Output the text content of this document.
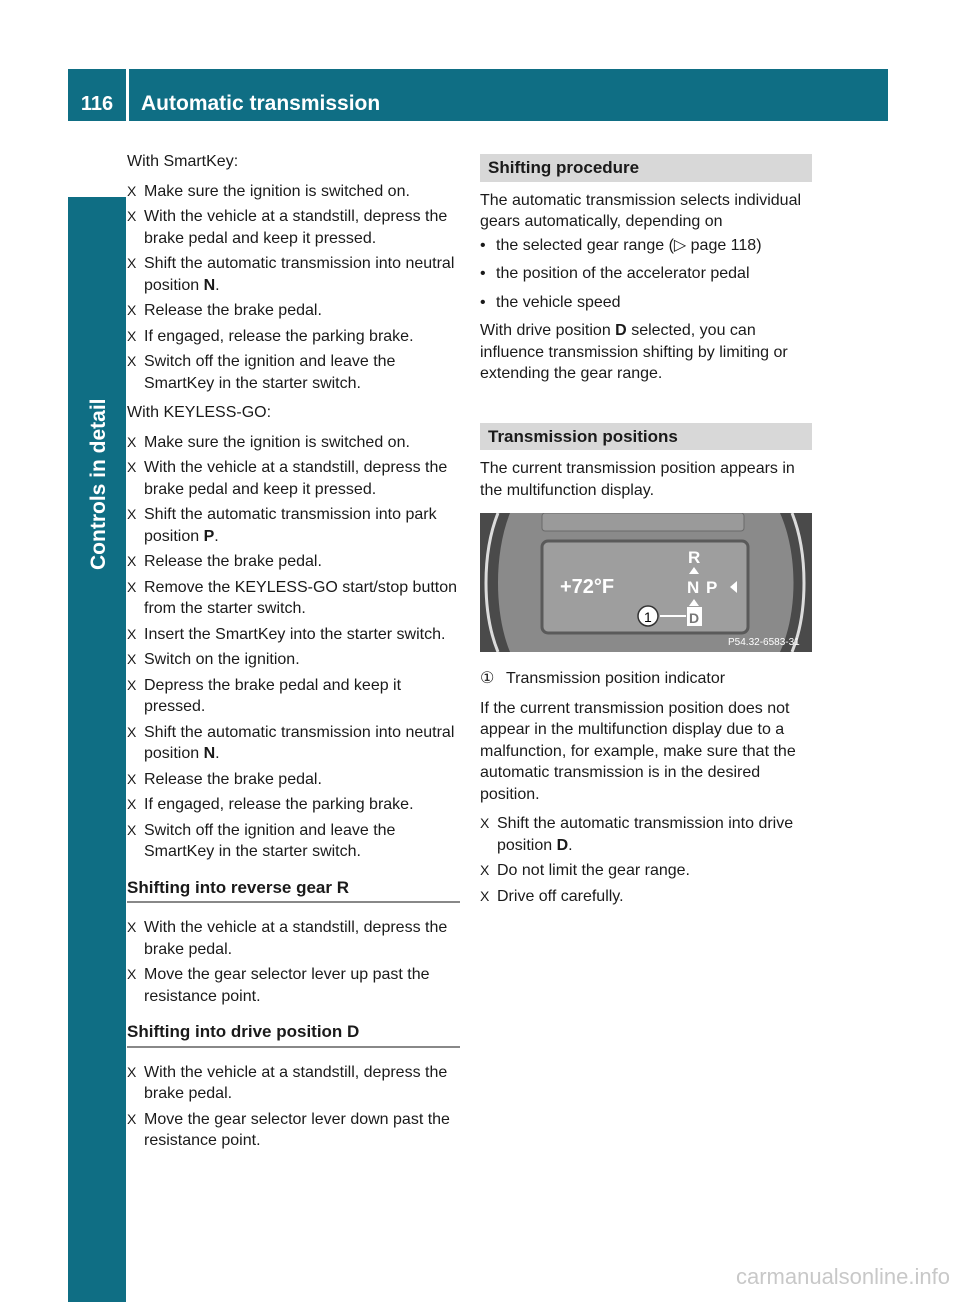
116	Automatic transmission
Controls in detail

With SmartKey:

X Make sure the ignition is switched on.
X With the vehicle at a standstill, depress the brake pedal and keep it pressed.
X Shift the automatic transmission into neutral position N.
X Release the brake pedal.
X If engaged, release the parking brake.
X Switch off the ignition and leave the SmartKey in the starter switch.

With KEYLESS-GO:

X Make sure the ignition is switched on.
X With the vehicle at a standstill, depress the brake pedal and keep it pressed.
X Shift the automatic transmission into park position P.
X Release the brake pedal.
X Remove the KEYLESS-GO start/stop button from the starter switch.
X Insert the SmartKey into the starter switch.
X Switch on the ignition.
X Depress the brake pedal and keep it pressed.
X Shift the automatic transmission into neutral position N.
X Release the brake pedal.
X If engaged, release the parking brake.
X Switch off the ignition and leave the SmartKey in the starter switch.
Shifting into reverse gear R
X With the vehicle at a standstill, depress the brake pedal.
X Move the gear selector lever up past the resistance point.
Shifting into drive position D
X With the vehicle at a standstill, depress the brake pedal.
X Move the gear selector lever down past the resistance point.
Shifting procedure

The automatic transmission selects individual gears automatically, depending on

• the selected gear range (▷ page 118)
• the position of the accelerator pedal
• the vehicle speed

With drive position D selected, you can influence transmission shifting by limiting or extending the gear range.

Transmission positions

The current transmission position appears in the multifunction display.

+72°F
R
N P
D
1
P54.32-6583-31
① Transmission position indicator

If the current transmission position does not appear in the multifunction display due to a malfunction, for example, make sure that the automatic transmission is in the desired position.

X Shift the automatic transmission into drive position D.
X Do not limit the gear range.
X Drive off carefully.
carmanualsonline.info
